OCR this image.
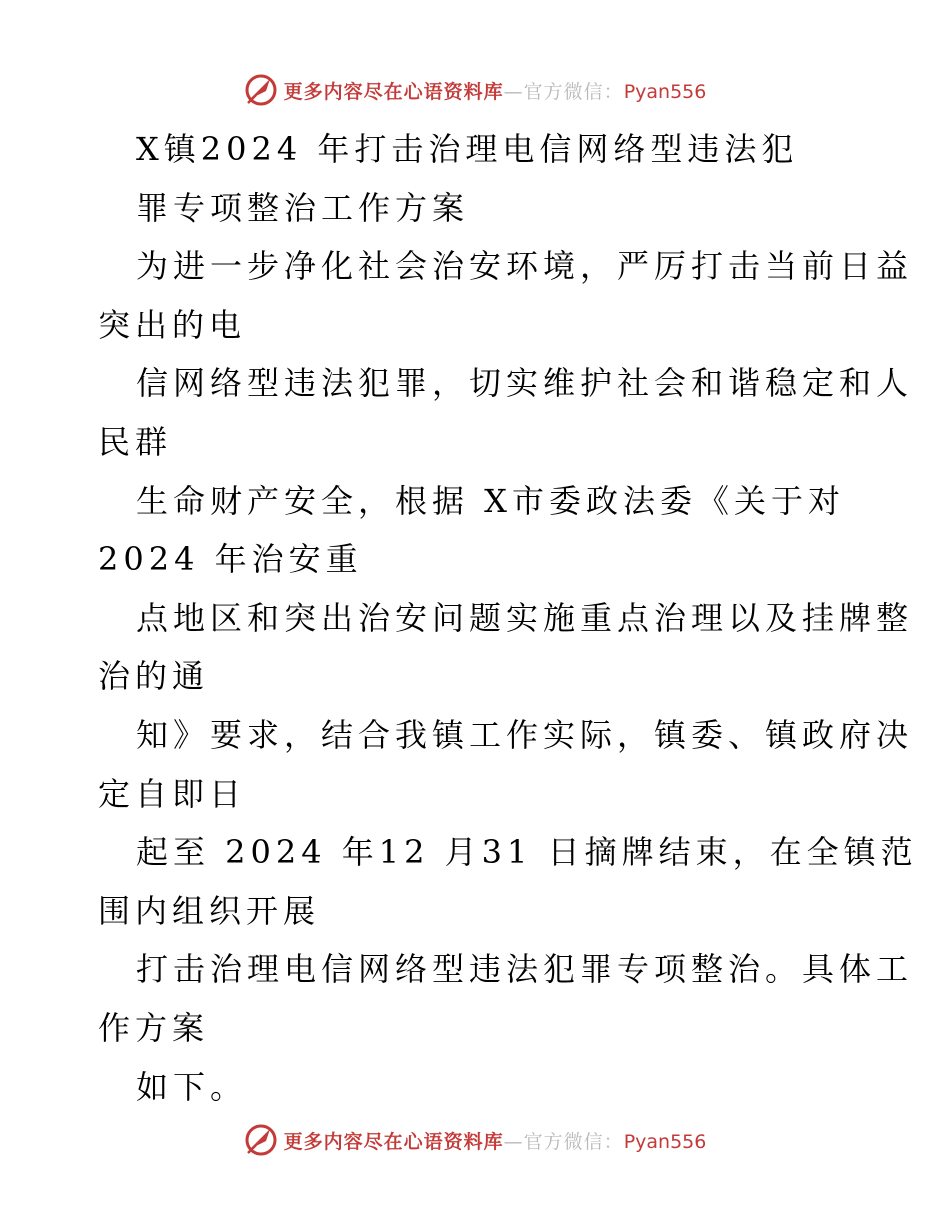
更多内容尽在心语资料库—官方微信：Pyan556
X镇2024 年打击治理电信网络型违法犯
罪专项整治工作方案
为进一步净化社会治安环境，严厉打击当前日益
突出的电
信网络型违法犯罪，切实维护社会和谐稳定和人
民群
生命财产安全，根据 X市委政法委《关于对
2024 年治安重
点地区和突出治安问题实施重点治理以及挂牌整
治的通
知》要求，结合我镇工作实际，镇委、镇政府决
定自即日
起至 2024 年12 月31 日摘牌结束，在全镇范
围内组织开展
打击治理电信网络型违法犯罪专项整治。具体工
作方案
如下。
更多内容尽在心语资料库—官方微信：Pyan556
